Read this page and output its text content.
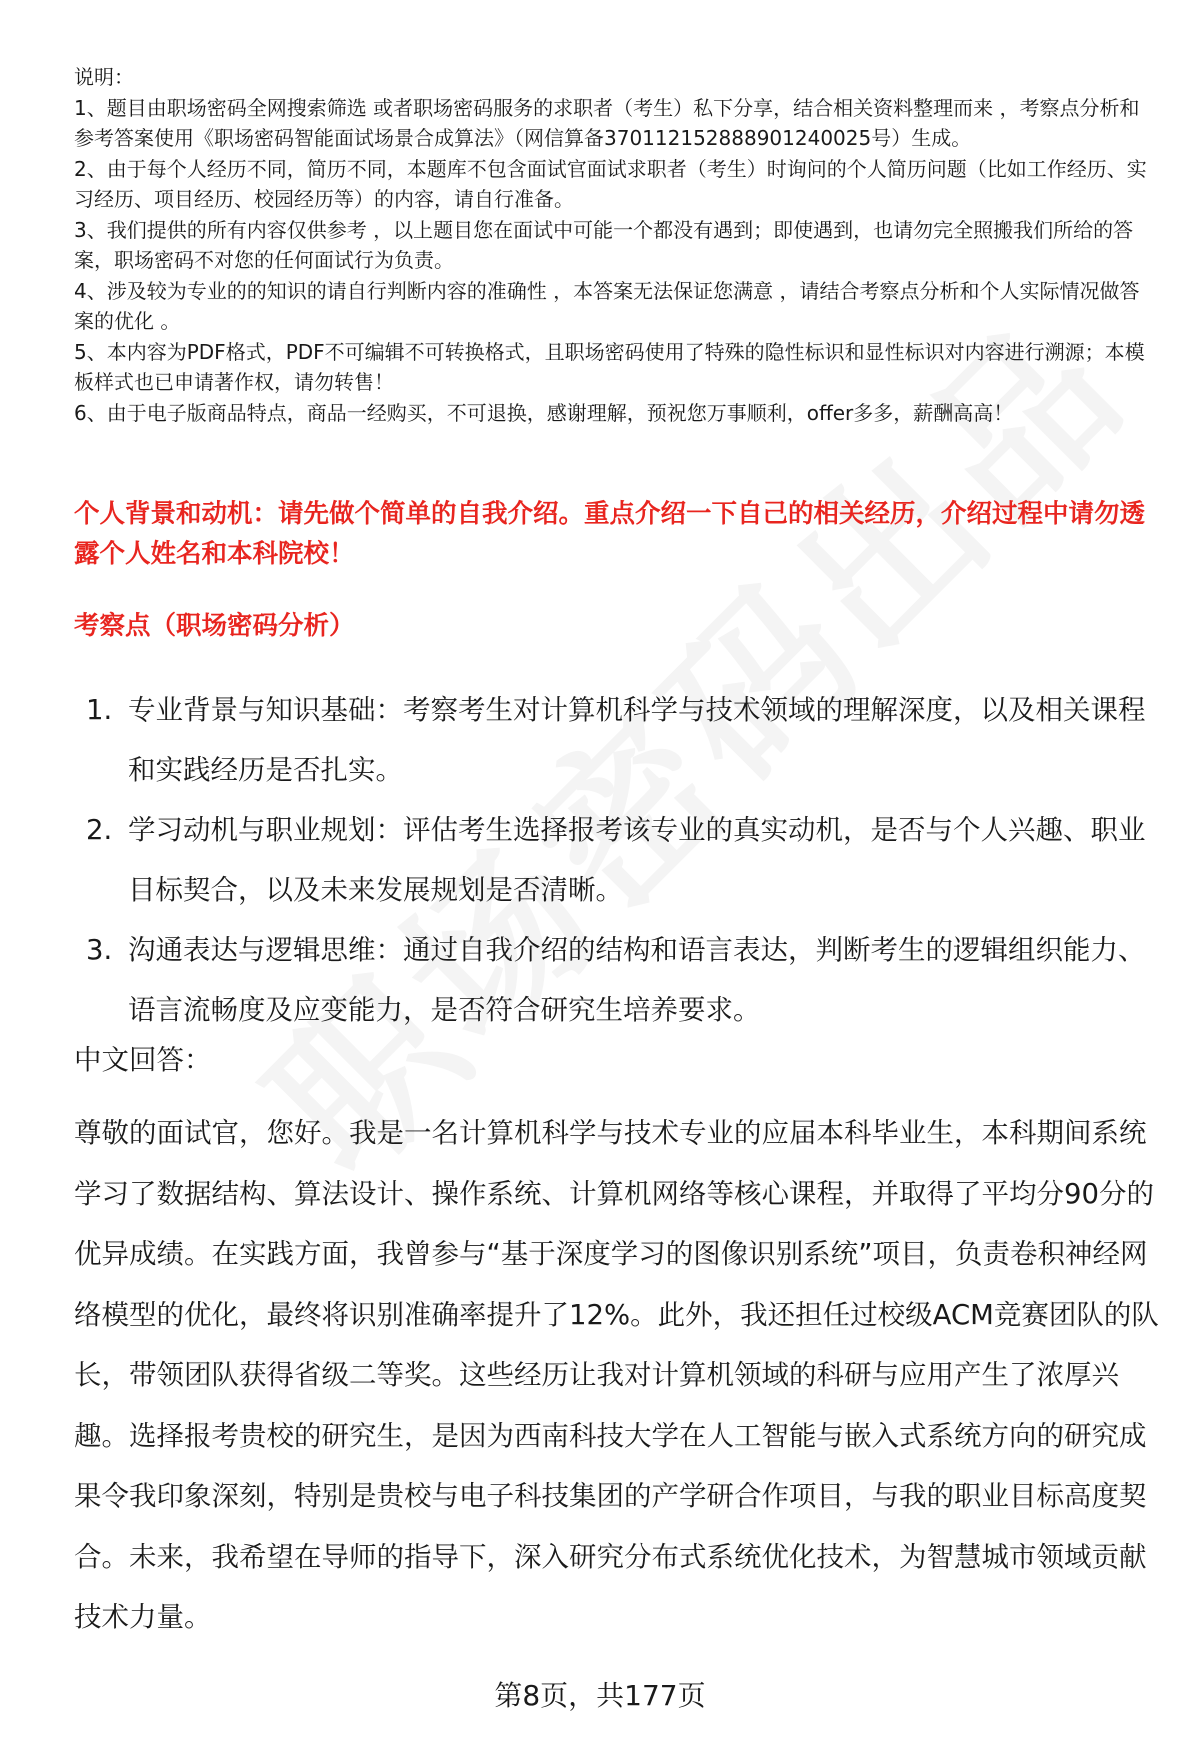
说明：

1、题目由职场密码全网搜索筛选 或者职场密码服务的求职者（考生）私下分享，结合相关资料整理而来 ，考察点分析和参考答案使用《职场密码智能面试场景合成算法》（网信算备370112152888901240025号）生成。

2、由于每个人经历不同，简历不同，本题库不包含面试官面试求职者（考生）时询问的个人简历问题（比如工作经历、实习经历、项目经历、校园经历等）的内容，请自行准备。

3、我们提供的所有内容仅供参考 ，以上题目您在面试中可能一个都没有遇到；即使遇到，也请勿完全照搬我们所给的答案，职场密码不对您的任何面试行为负责。

4、涉及较为专业的的知识的请自行判断内容的准确性 ，本答案无法保证您满意 ，请结合考察点分析和个人实际情况做答案的优化 。

5、本内容为PDF格式，PDF不可编辑不可转换格式，且职场密码使用了特殊的隐性标识和显性标识对内容进行溯源；本模板样式也已申请著作权，请勿转售！

6、由于电子版商品特点，商品一经购买，不可退换，感谢理解，预祝您万事顺利，offer多多，薪酬高高！

个人背景和动机：请先做个简单的自我介绍。重点介绍一下自己的相关经历，介绍过程中请勿透露个人姓名和本科院校！

考察点（职场密码分析）

1. 专业背景与知识基础：考察考生对计算机科学与技术领域的理解深度，以及相关课程和实践经历是否扎实。
2. 学习动机与职业规划：评估考生选择报考该专业的真实动机，是否与个人兴趣、职业目标契合，以及未来发展规划是否清晰。
3. 沟通表达与逻辑思维：通过自我介绍的结构和语言表达，判断考生的逻辑组织能力、语言流畅度及应变能力，是否符合研究生培养要求。

中文回答：

尊敬的面试官，您好。我是一名计算机科学与技术专业的应届本科毕业生，本科期间系统学习了数据结构、算法设计、操作系统、计算机网络等核心课程，并取得了平均分90分的优异成绩。在实践方面，我曾参与“基于深度学习的图像识别系统”项目，负责卷积神经网络模型的优化，最终将识别准确率提升了12%。此外，我还担任过校级ACM竞赛团队的队长，带领团队获得省级二等奖。这些经历让我对计算机领域的科研与应用产生了浓厚兴趣。选择报考贵校的研究生，是因为西南科技大学在人工智能与嵌入式系统方向的研究成果令我印象深刻，特别是贵校与电子科技集团的产学研合作项目，与我的职业目标高度契合。未来，我希望在导师的指导下，深入研究分布式系统优化技术，为智慧城市领域贡献技术力量。

第8页，共177页
